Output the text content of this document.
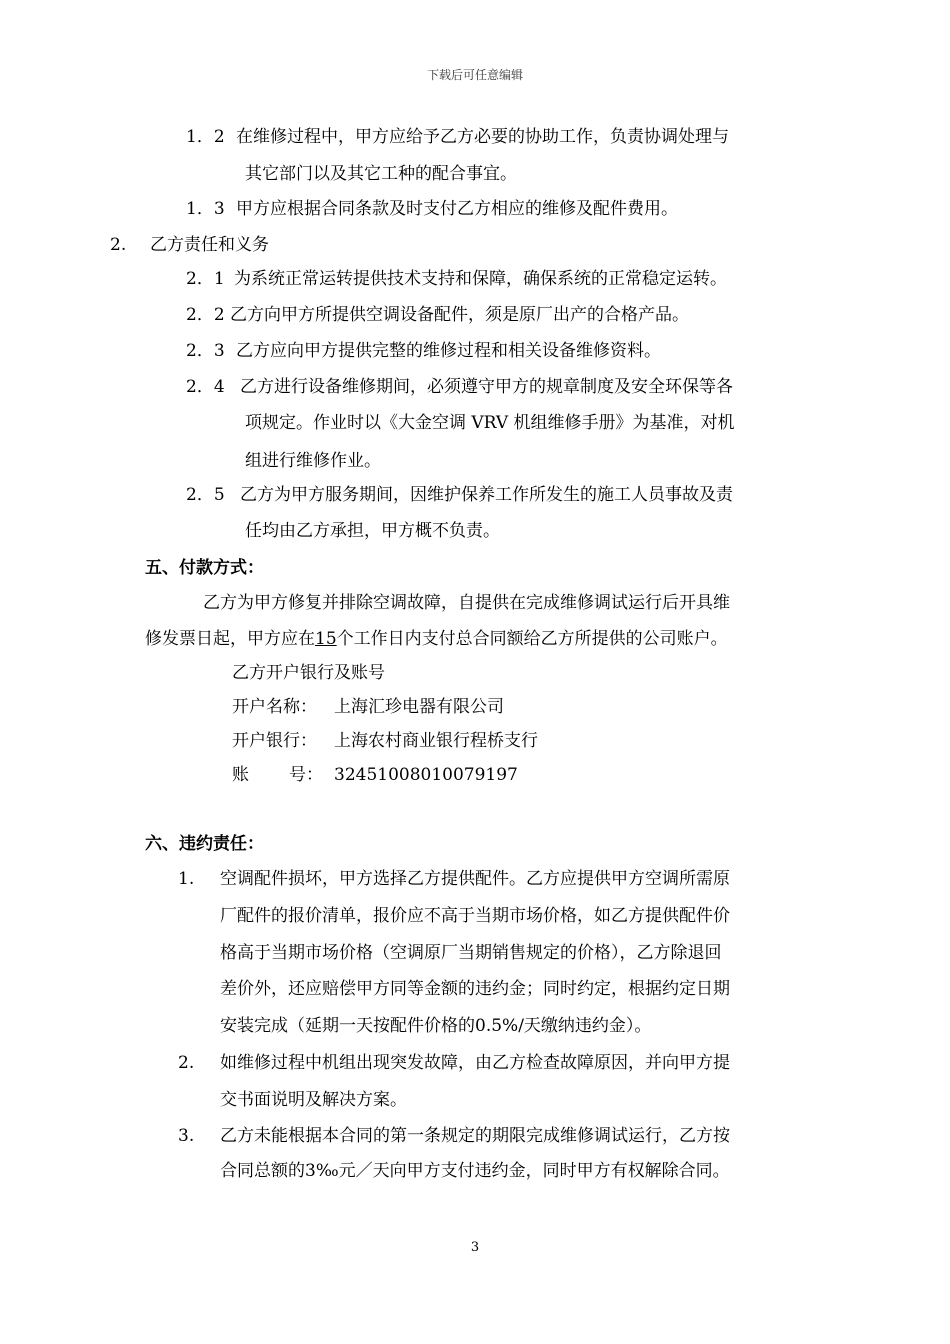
下载后可任意编辑
1．2 在维修过程中，甲方应给予乙方必要的协助工作，负责协调处理与
其它部门以及其它工种的配合事宜。
1．3 甲方应根据合同条款及时支付乙方相应的维修及配件费用。
2. 乙方责任和义务
2．1 为系统正常运转提供技术支持和保障，确保系统的正常稳定运转。
2．2 乙方向甲方所提供空调设备配件，须是原厂出产的合格产品。
2．3 乙方应向甲方提供完整的维修过程和相关设备维修资料。
2．4 乙方进行设备维修期间，必须遵守甲方的规章制度及安全环保等各
项规定。作业时以《大金空调 VRV 机组维修手册》为基准，对机
组进行维修作业。
2．5 乙方为甲方服务期间，因维护保养工作所发生的施工人员事故及责
任均由乙方承担，甲方概不负责。
五、付款方式：
乙方为甲方修复并排除空调故障，自提供在完成维修调试运行后开具维
修发票日起，甲方应在15个工作日内支付总合同额给乙方所提供的公司账户。
乙方开户银行及账号
开户名称： 上海汇珍电器有限公司
开户银行： 上海农村商业银行程桥支行
账 号： 32451008010079197
六、违约责任：
1. 空调配件损坏，甲方选择乙方提供配件。乙方应提供甲方空调所需原
厂配件的报价清单，报价应不高于当期市场价格，如乙方提供配件价
格高于当期市场价格（空调原厂当期销售规定的价格），乙方除退回
差价外，还应赔偿甲方同等金额的违约金；同时约定，根据约定日期
安装完成（延期一天按配件价格的0.5%/天缴纳违约金）。
2. 如维修过程中机组出现突发故障，由乙方检查故障原因，并向甲方提
交书面说明及解决方案。
3. 乙方未能根据本合同的第一条规定的期限完成维修调试运行，乙方按
合同总额的3‰元／天向甲方支付违约金，同时甲方有权解除合同。
3
